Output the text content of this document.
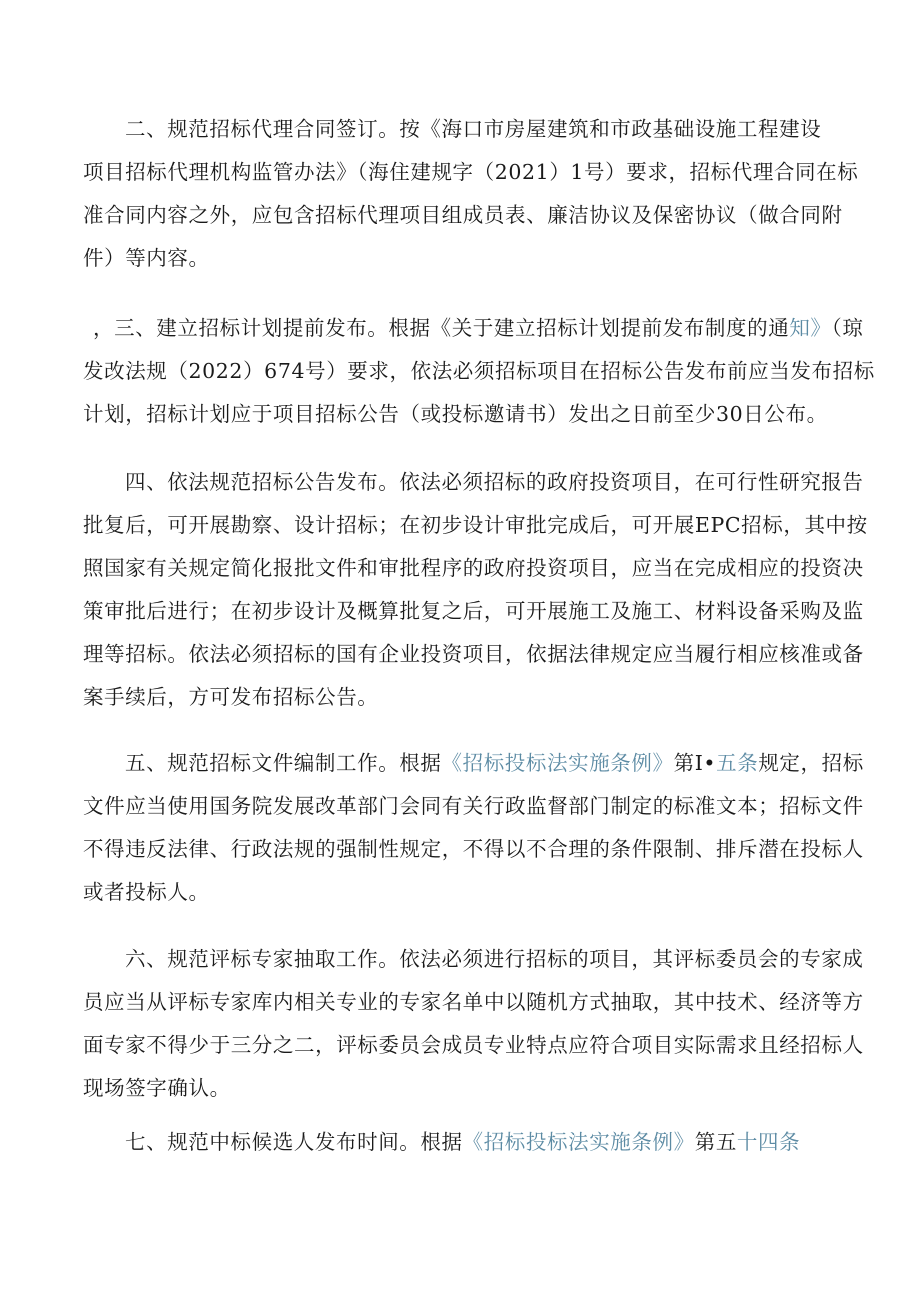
二、规范招标代理合同签订。按《海口市房屋建筑和市政基础设施工程建设
项目招标代理机构监管办法》（海住建规字（2021）1号）要求，招标代理合同在标
准合同内容之外，应包含招标代理项目组成员表、廉洁协议及保密协议（做合同附
件）等内容。
，三、建立招标计划提前发布。根据《关于建立招标计划提前发布制度的通知》（琼
发改法规（2022）674号）要求，依法必须招标项目在招标公告发布前应当发布招标
计划，招标计划应于项目招标公告（或投标邀请书）发出之日前至少30日公布。
四、依法规范招标公告发布。依法必须招标的政府投资项目，在可行性研究报告
批复后，可开展勘察、设计招标；在初步设计审批完成后，可开展EPC招标，其中按
照国家有关规定简化报批文件和审批程序的政府投资项目，应当在完成相应的投资决
策审批后进行；在初步设计及概算批复之后，可开展施工及施工、材料设备采购及监
理等招标。依法必须招标的国有企业投资项目，依据法律规定应当履行相应核准或备
案手续后，方可发布招标公告。
五、规范招标文件编制工作。根据《招标投标法实施条例》第I•五条规定，招标
文件应当使用国务院发展改革部门会同有关行政监督部门制定的标准文本；招标文件
不得违反法律、行政法规的强制性规定，不得以不合理的条件限制、排斥潜在投标人
或者投标人。
六、规范评标专家抽取工作。依法必须进行招标的项目，其评标委员会的专家成
员应当从评标专家库内相关专业的专家名单中以随机方式抽取，其中技术、经济等方
面专家不得少于三分之二，评标委员会成员专业特点应符合项目实际需求且经招标人
现场签字确认。
七、规范中标候选人发布时间。根据《招标投标法实施条例》第五十四条
